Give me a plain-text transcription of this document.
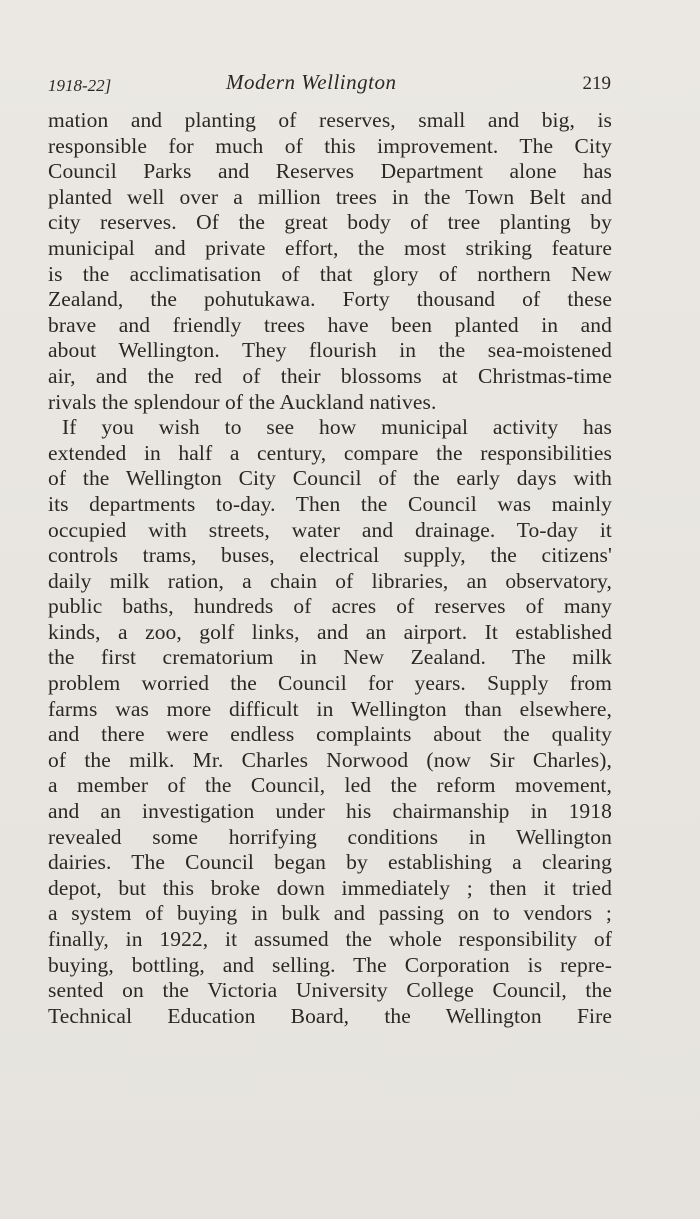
1918-22]	Modern Wellington	219
mation and planting of reserves, small and big, is
responsible for much of this improvement. The City
Council Parks and Reserves Department alone has
planted well over a million trees in the Town Belt and
city reserves. Of the great body of tree planting by
municipal and private effort, the most striking feature
is the acclimatisation of that glory of northern New
Zealand, the pohutukawa. Forty thousand of these
brave and friendly trees have been planted in and
about Wellington. They flourish in the sea-moistened
air, and the red of their blossoms at Christmas-time
rivals the splendour of the Auckland natives.
If you wish to see how municipal activity has
extended in half a century, compare the responsibilities
of the Wellington City Council of the early days with
its departments to-day. Then the Council was mainly
occupied with streets, water and drainage. To-day it
controls trams, buses, electrical supply, the citizens'
daily milk ration, a chain of libraries, an observatory,
public baths, hundreds of acres of reserves of many
kinds, a zoo, golf links, and an airport. It established
the first crematorium in New Zealand. The milk
problem worried the Council for years. Supply from
farms was more difficult in Wellington than elsewhere,
and there were endless complaints about the quality
of the milk. Mr. Charles Norwood (now Sir Charles),
a member of the Council, led the reform movement,
and an investigation under his chairmanship in 1918
revealed some horrifying conditions in Wellington
dairies. The Council began by establishing a clearing
depot, but this broke down immediately ; then it tried
a system of buying in bulk and passing on to vendors ;
finally, in 1922, it assumed the whole responsibility of
buying, bottling, and selling. The Corporation is repre-
sented on the Victoria University College Council, the
Technical Education Board, the Wellington Fire
